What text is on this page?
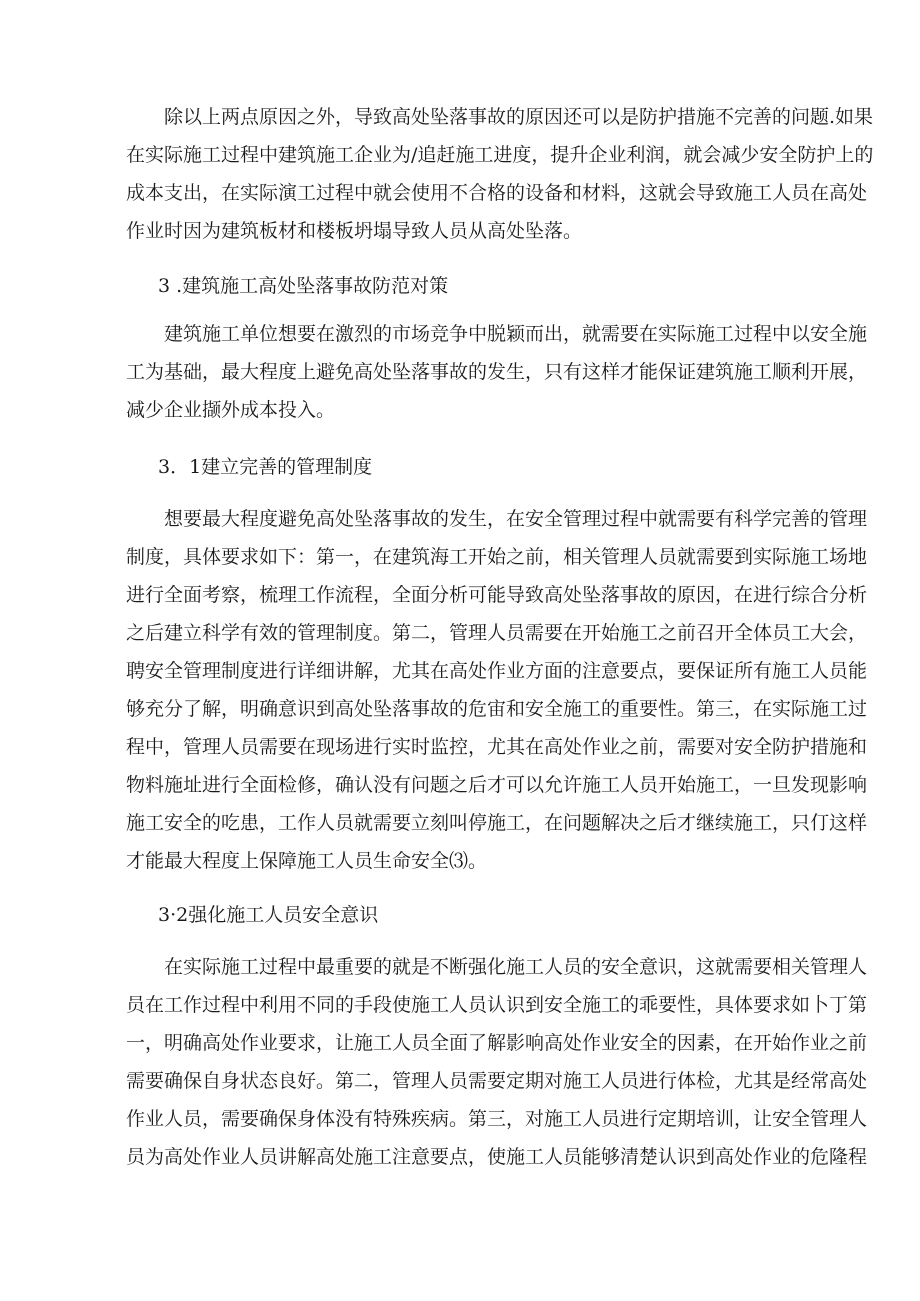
　　除以上两点原因之外，导致高处坠落事故的原因还可以是防护措施不完善的问题.如果
在实际施工过程中建筑施工企业为/追赶施工进度，提升企业利润，就会减少安全防护上的
成本支出，在实际演工过程中就会使用不合格的设备和材料，这就会导致施工人员在高处
作业时因为建筑板材和楼板坍塌导致人员从高处坠落。
3 .建筑施工高处坠落事故防范对策
　　建筑施工单位想要在激烈的市场竞争中脱颖而出，就需要在实际施工过程中以安全施
工为基础，最大程度上避免高处坠落事故的发生，只有这样才能保证建筑施工顺利开展，
减少企业撷外成本投入。
3．1建立完善的管理制度
　　想要最大程度避免高处坠落事故的发生，在安全管理过程中就需要有科学完善的管理
制度，具体要求如下：第一，在建筑海工开始之前，相关管理人员就需要到实际施工场地
进行全面考察，梳理工作流程，全面分析可能导致高处坠落事故的原因，在进行综合分析
之后建立科学有效的管理制度。第二，管理人员需要在开始施工之前召开全体员工大会，
聘安全管理制度进行详细讲解，尤其在高处作业方面的注意要点，要保证所有施工人员能
够充分了解，明确意识到高处坠落事故的危宙和安全施工的重要性。第三，在实际施工过
程中，管理人员需要在现场进行实时监控，尤其在高处作业之前，需要对安全防护措施和
物料施址进行全面检修，确认没有问题之后才可以允许施工人员开始施工，一旦发现影响
施工安全的吃患，工作人员就需要立刻叫停施工，在问题解决之后才继续施工，只仃这样
才能最大程度上保障施工人员生命安全⑶。
3·2强化施工人员安全意识
　　在实际施工过程中最重要的就是不断强化施工人员的安全意识，这就需要相关管理人
员在工作过程中利用不同的手段使施工人员认识到安全施工的乖要性，具体要求如卜丁第
一，明确高处作业要求，让施工人员全面了解影响高处作业安全的因素，在开始作业之前
需要确保自身状态良好。第二，管理人员需要定期对施工人员进行体检，尤其是经常高处
作业人员，需要确保身体没有特殊疾病。第三，对施工人员进行定期培训，让安全管理人
员为高处作业人员讲解高处施工注意要点，使施工人员能够清楚认识到高处作业的危隆程
